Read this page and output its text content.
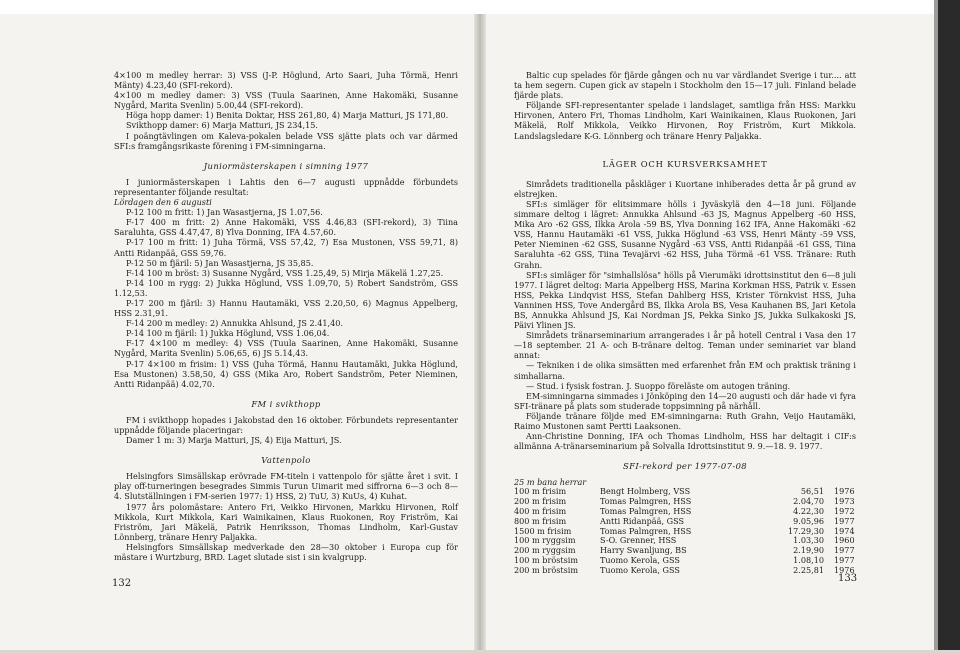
4×100 m medley herrar: 3) VSS (J-P. Höglund, Arto Saari, Juha Törmä, Henri Mänty) 4.23,40 (SFI-rekord).

4×100 m medley damer: 3) VSS (Tuula Saarinen, Anne Hakomäki, Susanne Nygård, Marita Svenlin) 5.00,44 (SFI-rekord).

Höga hopp damer: 1) Benita Doktar, HSS 261,80, 4) Marja Matturi, JS 171,80.

Svikthopp damer: 6) Marja Matturi, JS 234,15.

I poängtävlingen om Kaleva-pokalen belade VSS sjätte plats och var därmed SFI:s framgångsrikaste förening i FM-simningarna.

Juniormästerskapen i simning 1977

I juniormästerskapen i Lahtis den 6—7 augusti uppnådde förbundets representanter följande resultat:

Lördagen den 6 augusti

P-12 100 m fritt: 1) Jan Wasastjerna, JS 1.07,56.

F-17 400 m fritt: 2) Anne Hakomäki, VSS 4.46,83 (SFI-rekord), 3) Tiina Saraluhta, GSS 4.47,47, 8) Ylva Donning, IFA 4.57,60.

P-17 100 m fritt: 1) Juha Törmä, VSS 57,42, 7) Esa Mustonen, VSS 59,71, 8) Antti Ridanpää, GSS 59,76.

P-12 50 m fjäril: 5) Jan Wasastjerna, JS 35,85.

F-14 100 m bröst: 3) Susanne Nygård, VSS 1.25,49, 5) Mirja Mäkelä 1.27,25.

P-14 100 m rygg: 2) Jukka Höglund, VSS 1.09,70, 5) Robert Sandström, GSS 1.12,53.

P-17 200 m fjäril: 3) Hannu Hautamäki, VSS 2.20,50, 6) Magnus Appelberg, HSS 2.31,91.

F-14 200 m medley: 2) Annukka Ahlsund, JS 2.41,40.

P-14 100 m fjäril: 1) Jukka Höglund, VSS 1.06,04.

F-17 4×100 m medley: 4) VSS (Tuula Saarinen, Anne Hakomäki, Susanne Nygård, Marita Svenlin) 5.06,65, 6) JS 5.14,43.

P-17 4×100 m frisim: 1) VSS (Juha Törmä, Hannu Hautamäki, Jukka Höglund, Esa Mustonen) 3.58,50, 4) GSS (Mika Aro, Robert Sandström, Peter Nieminen, Antti Ridanpää) 4.02,70.

FM i svikthopp

FM i svikthopp hopades i Jakobstad den 16 oktober. Förbundets representanter uppnådde följande placeringar:

Damer 1 m: 3) Marja Matturi, JS, 4) Eija Matturi, JS.

Vattenpolo

Helsingfors Simsällskap erövrade FM-titeln i vattenpolo för sjätte året i svit. I play off-turneringen besegrades Simmis Turun Uimarit med siffrorna 6—3 och 8—4. Slutställningen i FM-serien 1977: 1) HSS, 2) TuU, 3) KuUs, 4) Kuhat.

1977 års polomästare: Antero Fri, Veikko Hirvonen, Markku Hirvonen, Rolf Mikkola, Kurt Mikkola, Kari Wainikainen, Klaus Ruokonen, Roy Friström, Kai Friström, Jari Mäkelä, Patrik Henriksson, Thomas Lindholm, Karl-Gustav Lönnberg, tränare Henry Paljakka.

Helsingfors Simsällskap medverkade den 28—30 oktober i Europa cup för mästare i Wurtzburg, BRD. Laget slutade sist i sin kvalgrupp.

132

Baltic cup spelades för fjärde gången och nu var värdlandet Sverige i tur.... att ta hem segern. Cupen gick av stapeln i Stockholm den 15—17 juli. Finland belade fjärde plats.

Följande SFI-representanter spelade i landslaget, samtliga från HSS: Markku Hirvonen, Antero Fri, Thomas Lindholm, Kari Wainikainen, Klaus Ruokonen, Jari Mäkelä, Rolf Mikkola, Veikko Hirvonen, Roy Friström, Kurt Mikkola. Landslagsledare K-G. Lönnberg och tränare Henry Paljakka.

LÄGER OCH KURSVERKSAMHET

Simrådets traditionella påskläger i Kuortane inhiberades detta år på grund av elstrejken.

SFI:s simläger för elitsimmare hölls i Jyväskylä den 4—18 juni. Följande simmare deltog i lägret: Annukka Ahlsund -63 JS, Magnus Appelberg -60 HSS, Mika Aro -62 GSS, Ilkka Arola -59 BS, Ylva Donning 162 IFA, Anne Hakomäki -62 VSS, Hannu Hautamäki -61 VSS, Jukka Höglund -63 VSS, Henri Mänty -59 VSS, Peter Nieminen -62 GSS, Susanne Nygård -63 VSS, Antti Ridanpää -61 GSS, Tiina Saraluhta -62 GSS, Tiina Tevajärvi -62 HSS, Juha Törmä -61 VSS. Tränare: Ruth Grahn.

SFI:s simläger för "simhallslösa" hölls på Vierumäki idrottsinstitut den 6—8 juli 1977. I lägret deltog: Maria Appelberg HSS, Marina Korkman HSS, Patrik v. Essen HSS, Pekka Lindqvist HSS, Stefan Dahlberg HSS, Krister Törnkvist HSS, Juha Vanninen HSS, Tove Andergård BS, Ilkka Arola BS, Vesa Kauhanen BS, Jari Ketola BS, Annukka Ahlsund JS, Kai Nordman JS, Pekka Sinko JS, Jukka Sulkakoski JS, Päivi Ylinen JS.

Simrådets tränarseminarium arrangerades i år på hotell Central i Vasa den 17—18 september. 21 A- och B-tränare deltog. Teman under seminariet var bland annat:

— Tekniken i de olika simsätten med erfarenhet från EM och praktisk träning i simhallarna.

— Stud. i fysisk fostran. J. Suoppo föreläste om autogen träning.

EM-simningarna simmades i Jönköping den 14—20 augusti och där hade vi fyra SFI-tränare på plats som studerade toppsimning på närhåll.

Följande tränare följde med EM-simningarna: Ruth Grahn, Veijo Hautamäki, Raimo Mustonen samt Pertti Laaksonen.

Ann-Christine Donning, IFA och Thomas Lindholm, HSS har deltagit i CIF:s allmänna A-tränarseminarium på Solvalla Idrottsinstitut 9. 9.—18. 9. 1977.

SFI-rekord per 1977-07-08

25 m bana herrar

100 m frisim	Bengt Holmberg, VSS	56,51	1976
200 m frisim	Tomas Palmgren, HSS	2.04,70	1973
400 m frisim	Tomas Palmgren, HSS	4.22,30	1972
800 m frisim	Antti Ridanpää, GSS	9.05,96	1977
1500 m frisim	Tomas Palmgren, HSS	17.29,30	1974
100 m ryggsim	S-O. Grenner, HSS	1.03,30	1960
200 m ryggsim	Harry Swanljung, BS	2.19,90	1977
100 m bröstsim	Tuomo Kerola, GSS	1.08,10	1977
200 m bröstsim	Tuomo Kerola, GSS	2.25,81	1976
133
